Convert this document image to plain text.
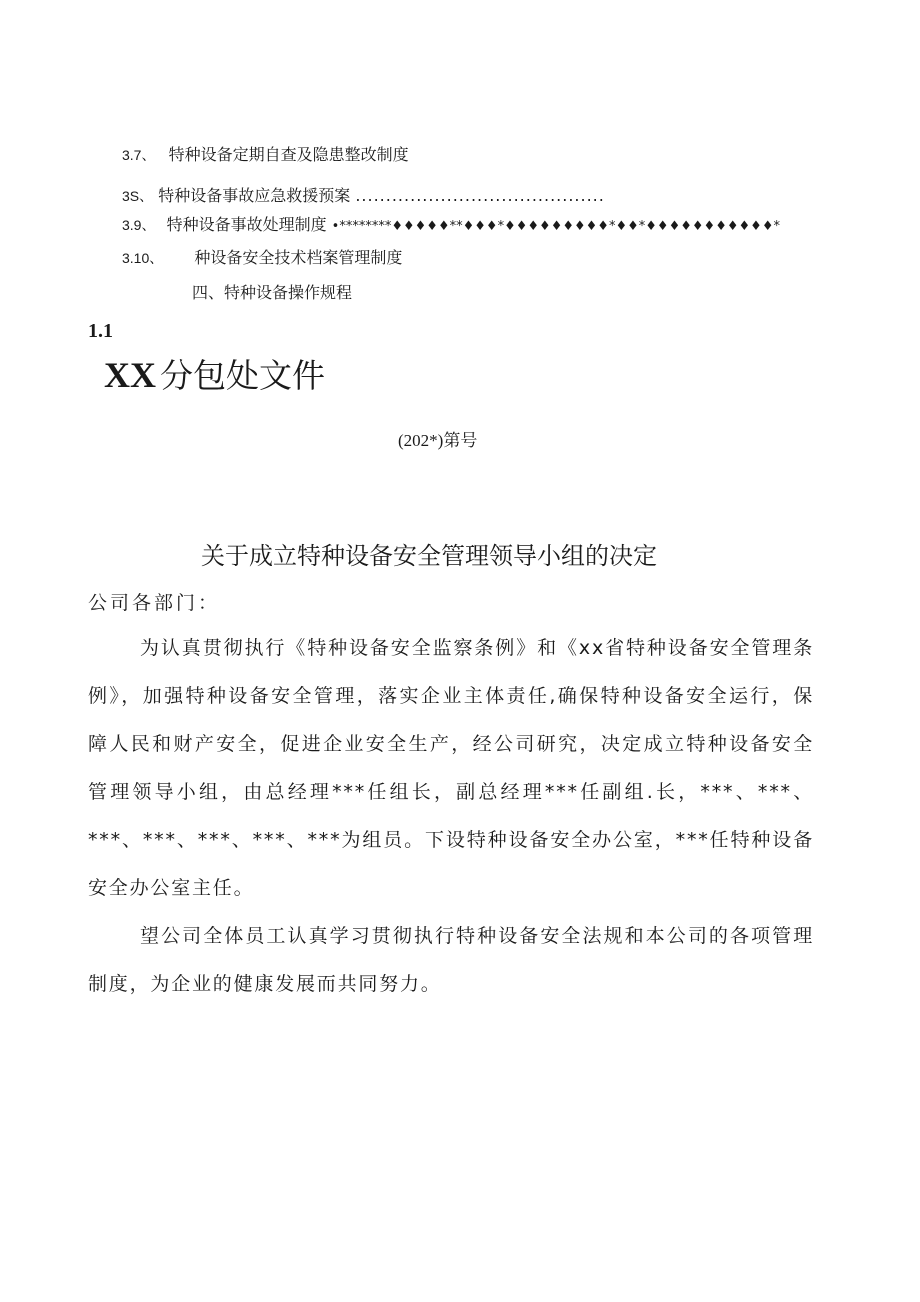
3.7、 特种设备定期自查及隐患整改制度
3S、 特种设备事故应急救援预案 .........................................
3.9、 特种设备事故处理制度 •********♦♦♦♦♦**♦♦♦*♦♦♦♦♦♦♦♦♦*♦♦*♦♦♦♦♦♦♦♦♦♦♦*
3.10、 种设备安全技术档案管理制度
四、特种设备操作规程
1.1
XX 分包处文件
(202*)第号
关于成立特种设备安全管理领导小组的决定
公司各部门：
为认真贯彻执行《特种设备安全监察条例》和《xx省特种设备安全管理条例》，加强特种设备安全管理，落实企业主体责任,确保特种设备安全运行，保障人民和财产安全，促进企业安全生产，经公司研究，决定成立特种设备安全管理领导小组，由总经理***任组长，副总经理***任副组.长，***、***、***、***、***、***、***为组员。下设特种设备安全办公室，***任特种设备安全办公室主任。
望公司全体员工认真学习贯彻执行特种设备安全法规和本公司的各项管理制度，为企业的健康发展而共同努力。
